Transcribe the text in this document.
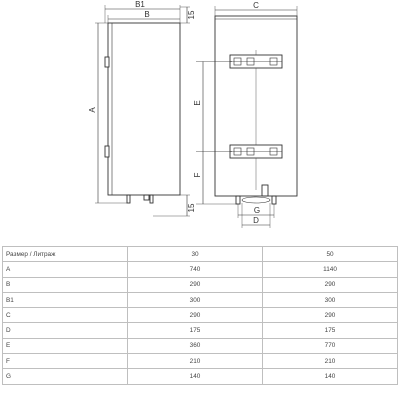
B1
B	15
A
15
C
E
F
G
D
Размер / Литраж	30	50
A	740	1140
B	290	290
B1	300	300
C	290	290
D	175	175
E	360	770
F	210	210
G	140	140
